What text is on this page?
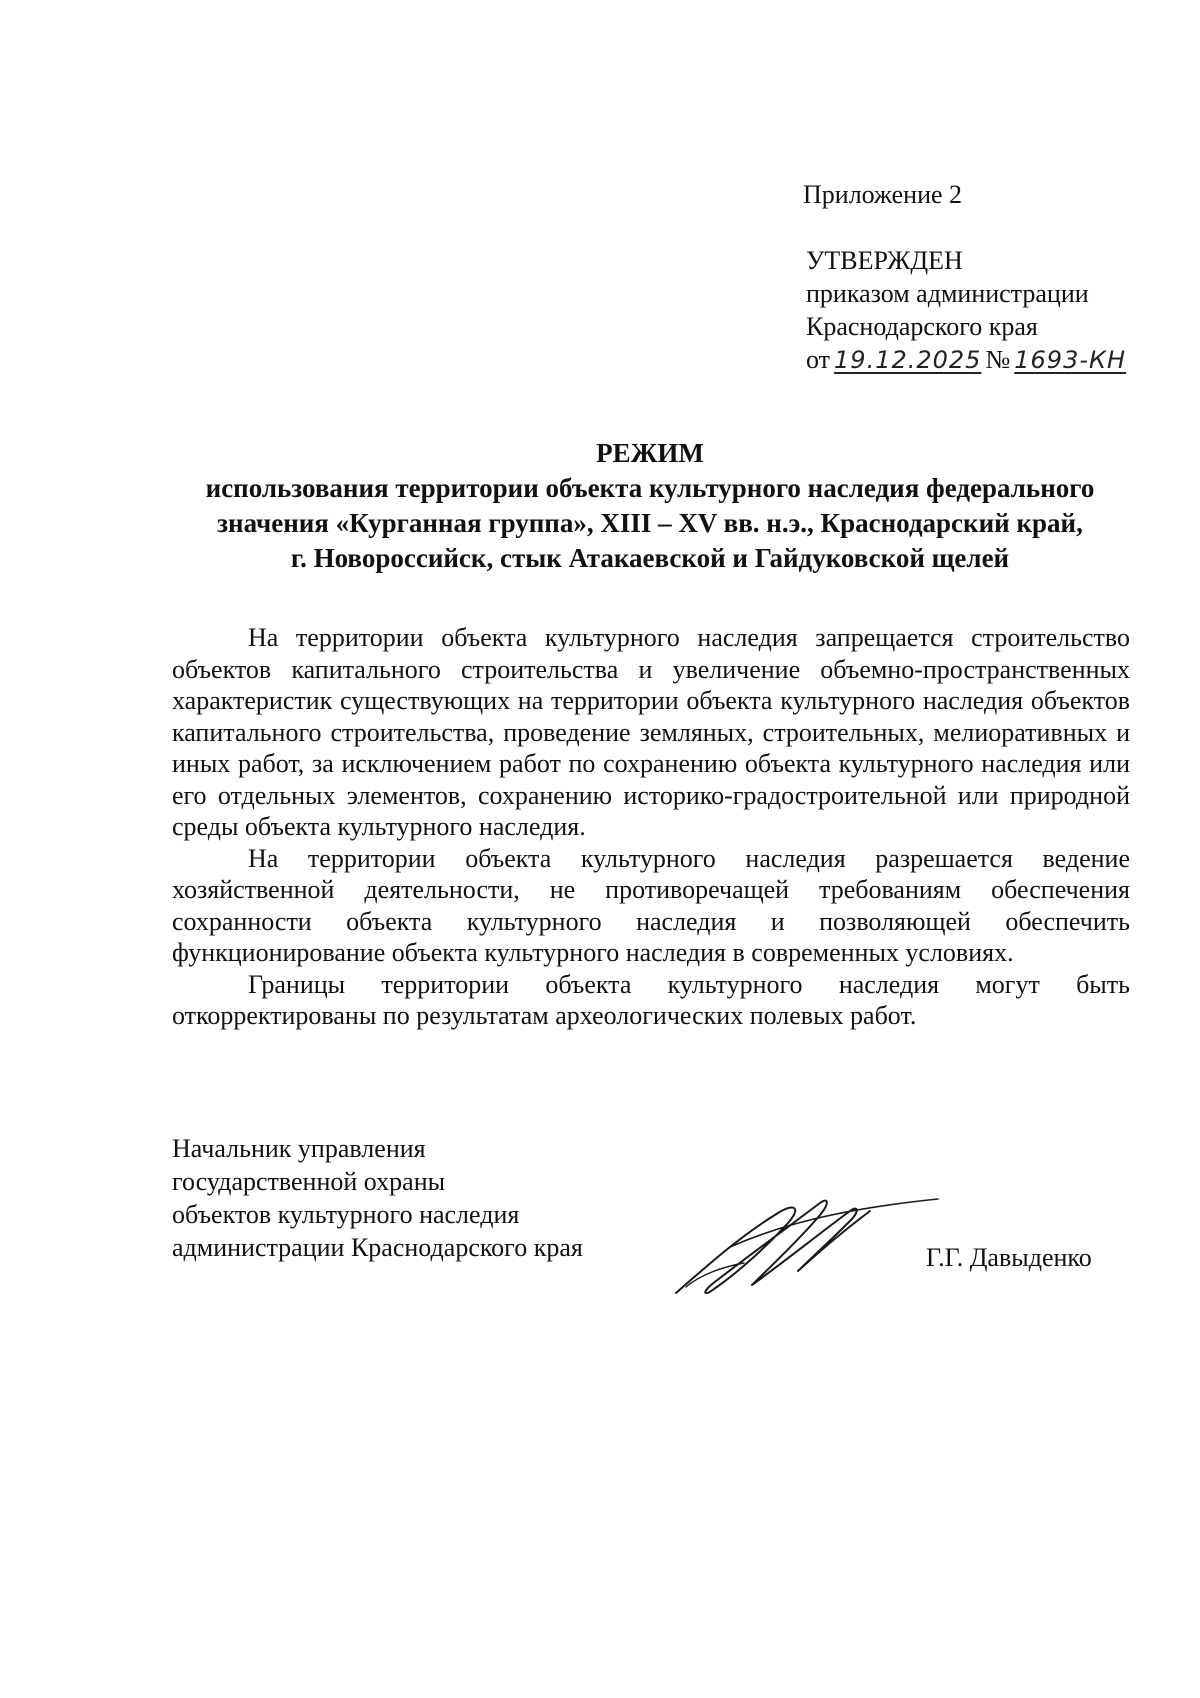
Приложение 2
УТВЕРЖДЕН
приказом администрации
Краснодарского края
от 19.12.2025 № 1693-КН
РЕЖИМ
использования территории объекта культурного наследия федерального
значения «Курганная группа», XIII – XV вв. н.э., Краснодарский край,
г. Новороссийск, стык Атакаевской и Гайдуковской щелей

На территории объекта культурного наследия запрещается строительство объектов капитального строительства и увеличение объемно-пространственных характеристик существующих на территории объекта культурного наследия объектов капитального строительства, проведение земляных, строительных, мелиоративных и иных работ, за исключением работ по сохранению объекта культурного наследия или его отдельных элементов, сохранению историко-градостроительной или природной среды объекта культурного наследия.

На территории объекта культурного наследия разрешается ведение хозяйственной деятельности, не противоречащей требованиям обеспечения сохранности объекта культурного наследия и позволяющей обеспечить функционирование объекта культурного наследия в современных условиях.

Границы территории объекта культурного наследия могут быть откорректированы по результатам археологических полевых работ.

Начальник управления
государственной охраны
объектов культурного наследия
администрации Краснодарского края	Г.Г. Давыденко
